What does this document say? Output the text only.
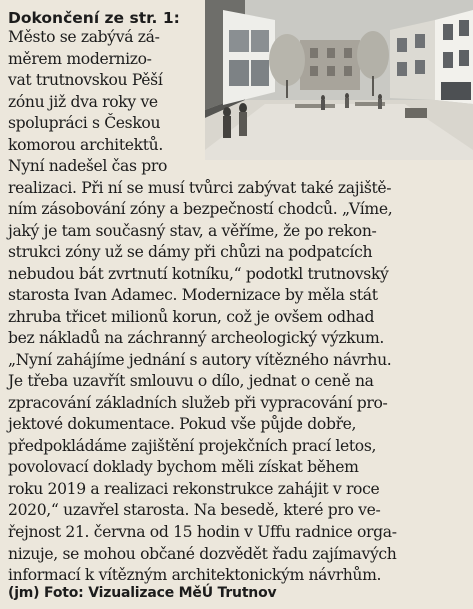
Dokončení ze str. 1:
Město se zabývá zá-
měrem modernizo-
vat trutnovskou Pěší
zónu již dva roky ve
spolupráci s Českou
komorou architektů.
Nyní nadešel čas pro
realizaci. Při ní se musí tvůrci zabývat také zajiště-
ním zásobování zóny a bezpečností chodců. „Víme,
jaký je tam současný stav, a věříme, že po rekon-
strukci zóny už se dámy při chůzi na podpatcích
nebudou bát zvrtnutí kotníku,“ podotkl trutnovský
starosta Ivan Adamec. Modernizace by měla stát
zhruba třicet milionů korun, což je ovšem odhad
bez nákladů na záchranný archeologický výzkum.
„Nyní zahájíme jednání s autory vítězného návrhu.
Je třeba uzavřít smlouvu o dílo, jednat o ceně na
zpracování základních služeb při vypracování pro-
jektové dokumentace. Pokud vše půjde dobře,
předpokládáme zajištění projekčních prací letos,
povolovací doklady bychom měli získat během
roku 2019 a realizaci rekonstrukce zahájit v roce
2020,“ uzavřel starosta. Na besedě, které pro ve-
řejnost 21. června od 15 hodin v Uffu radnice orga-
nizuje, se mohou občané dozvědět řadu zajímavých
informací k vítězným architektonickým návrhům.
(jm) Foto: Vizualizace MěÚ Trutnov
